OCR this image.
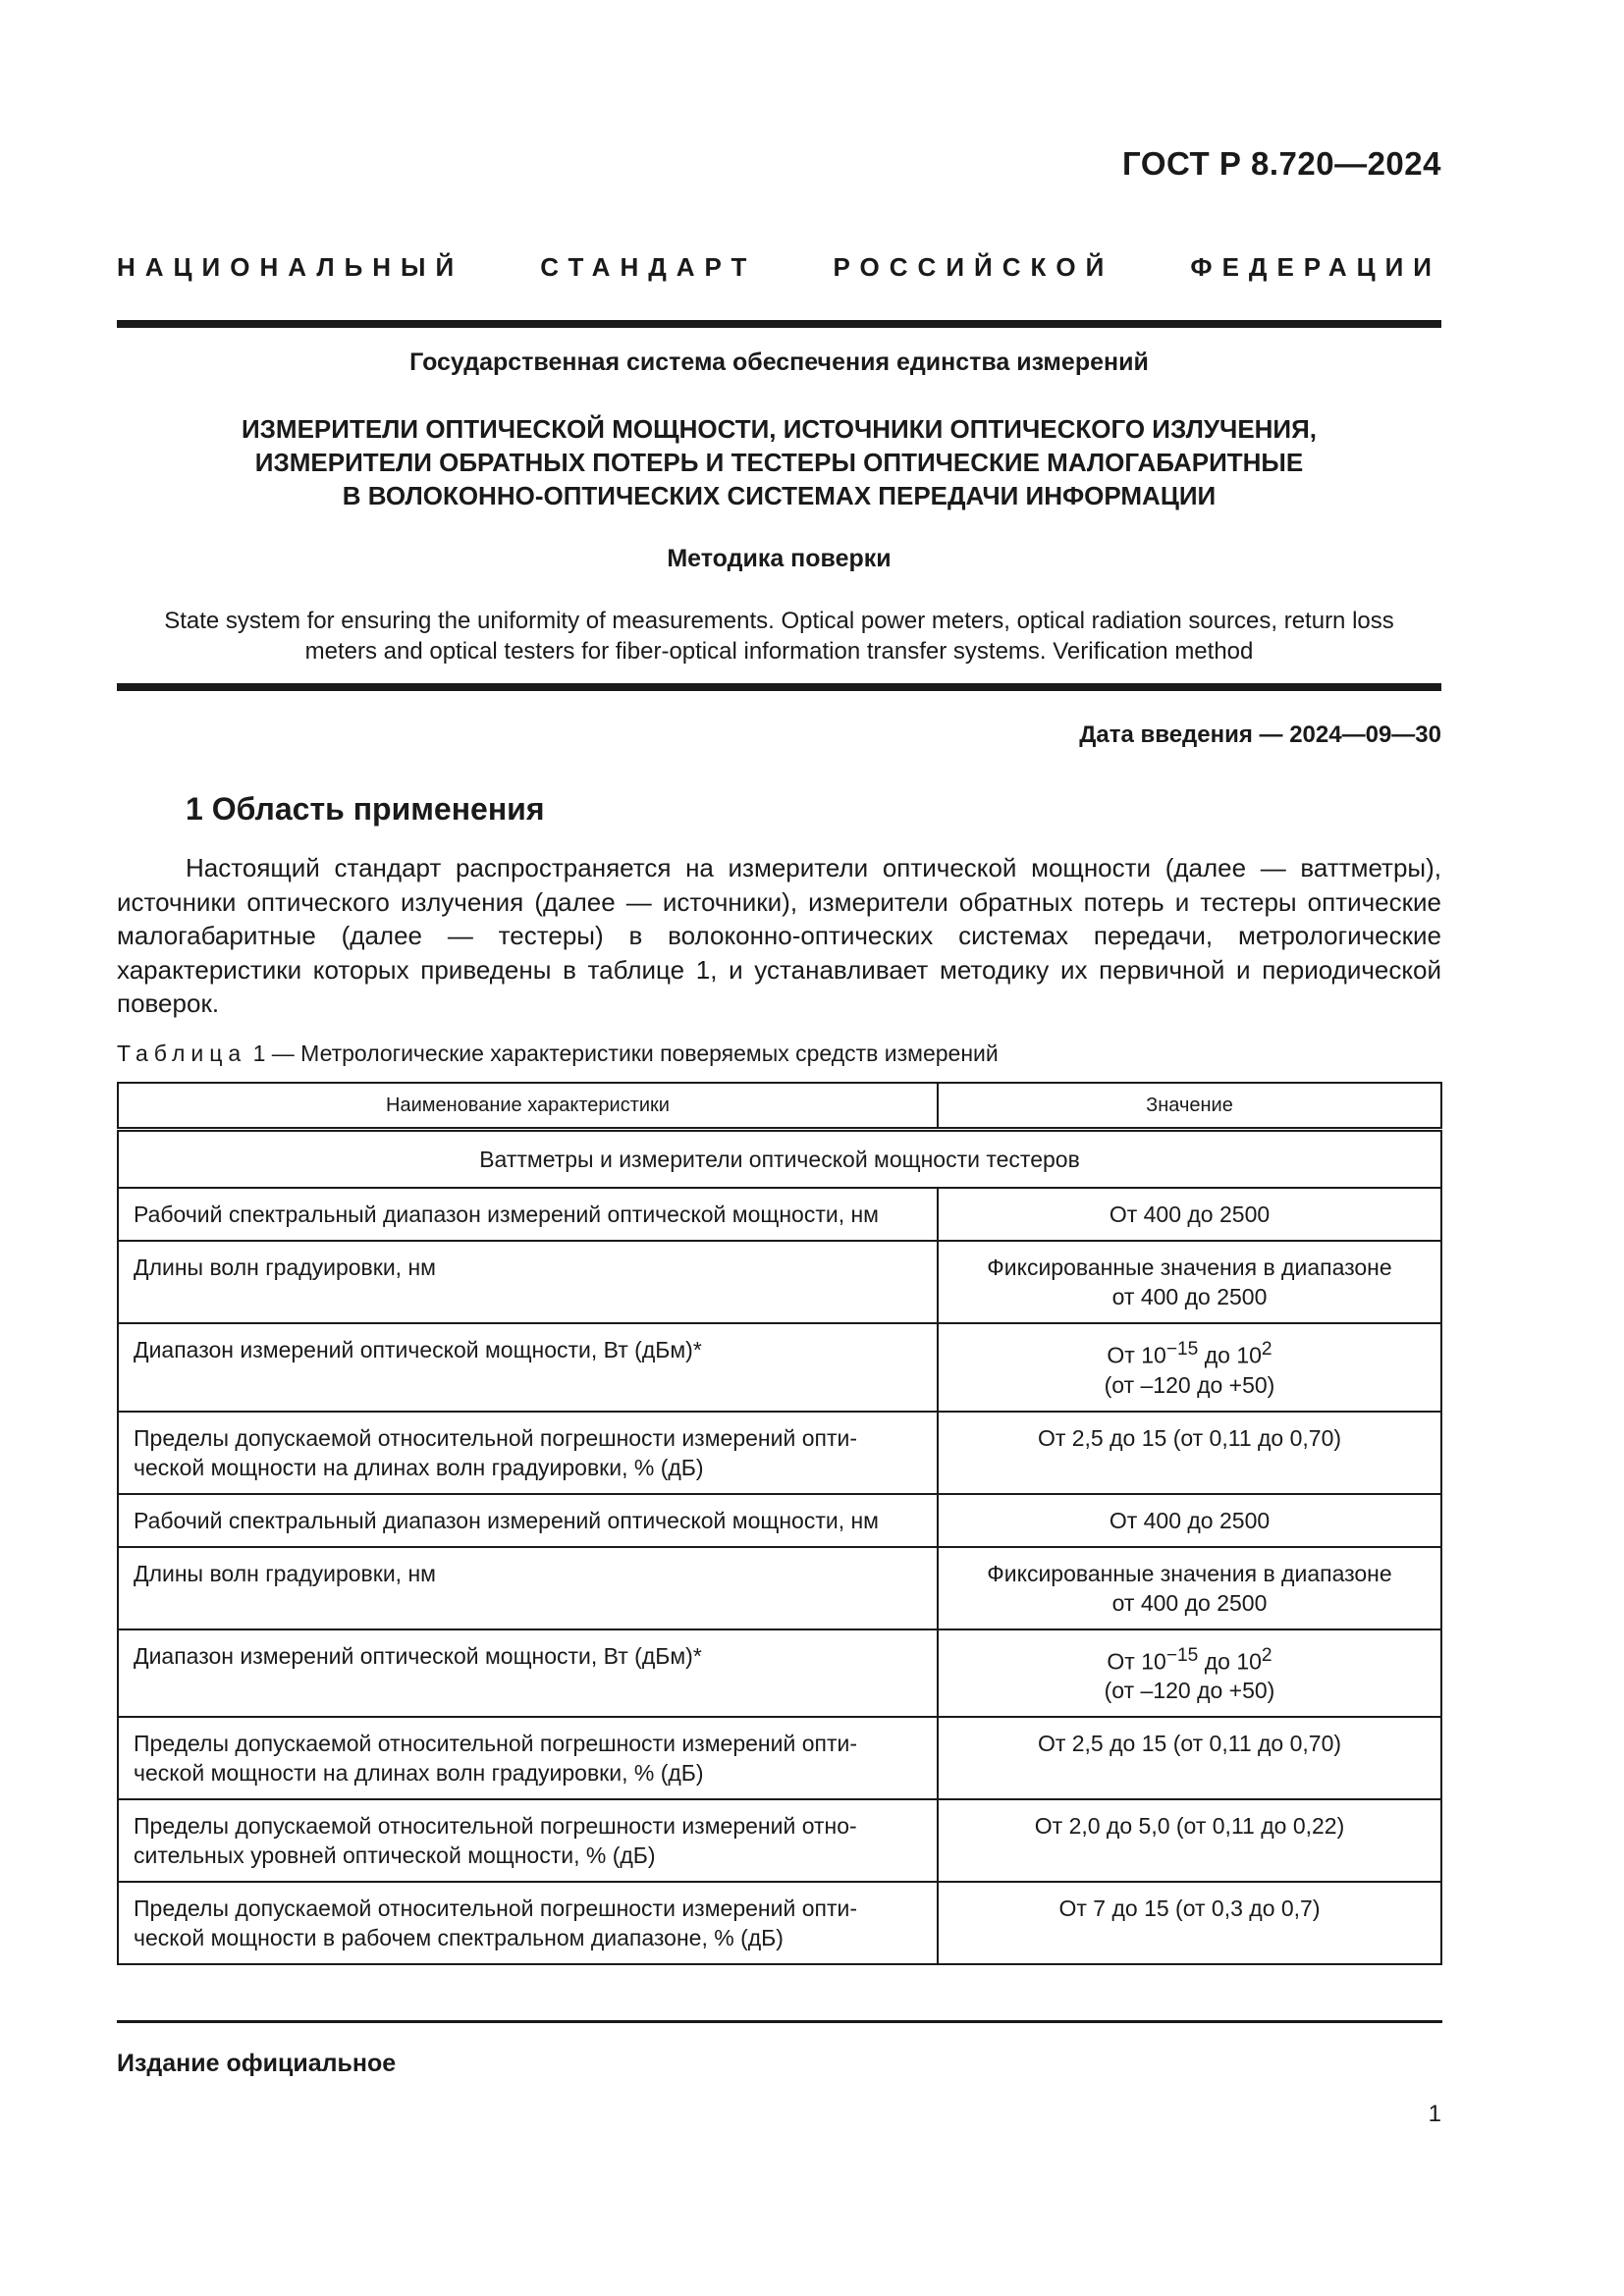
ГОСТ Р 8.720—2024
НАЦИОНАЛЬНЫЙ СТАНДАРТ РОССИЙСКОЙ ФЕДЕРАЦИИ
Государственная система обеспечения единства измерений
ИЗМЕРИТЕЛИ ОПТИЧЕСКОЙ МОЩНОСТИ, ИСТОЧНИКИ ОПТИЧЕСКОГО ИЗЛУЧЕНИЯ,
ИЗМЕРИТЕЛИ ОБРАТНЫХ ПОТЕРЬ И ТЕСТЕРЫ ОПТИЧЕСКИЕ МАЛОГАБАРИТНЫЕ
В ВОЛОКОННО-ОПТИЧЕСКИХ СИСТЕМАХ ПЕРЕДАЧИ ИНФОРМАЦИИ
Методика поверки
State system for ensuring the uniformity of measurements. Optical power meters, optical radiation sources, return loss
meters and optical testers for fiber-optical information transfer systems. Verification method
Дата введения — 2024—09—30
1 Область применения
Настоящий стандарт распространяется на измерители оптической мощности (далее — ваттметры), источники оптического излучения (далее — источники), измерители обратных потерь и тестеры оптические малогабаритные (далее — тестеры) в волоконно-оптических системах передачи, метрологические характеристики которых приведены в таблице 1, и устанавливает методику их первичной и периодической поверок.
Таблица 1 — Метрологические характеристики поверяемых средств измерений
Наименование характеристики	Значение
Ваттметры и измерители оптической мощности тестеров	
Рабочий спектральный диапазон измерений оптической мощности, нм	От 400 до 2500
Длины волн градуировки, нм	Фиксированные значения в диапазоне
от 400 до 2500

Диапазон измерений оптической мощности, Вт (дБм)*	От $10^{-15}$ до $10^2$
(от –120 до +50)

Пределы допускаемой относительной погрешности измерений опти-
ческой мощности на длинах волн градуировки, % (дБ)	От 2,5 до 15 (от 0,11 до 0,70)
Рабочий спектральный диапазон измерений оптической мощности, нм	От 400 до 2500
Длины волн градуировки, нм	Фиксированные значения в диапазоне
от 400 до 2500

Диапазон измерений оптической мощности, Вт (дБм)*	От $10^{-15}$ до $10^2$
(от –120 до +50)

Пределы допускаемой относительной погрешности измерений опти-
ческой мощности на длинах волн градуировки, % (дБ)	От 2,5 до 15 (от 0,11 до 0,70)

Пределы допускаемой относительной погрешности измерений отно-
сительных уровней оптической мощности, % (дБ)	От 2,0 до 5,0 (от 0,11 до 0,22)

Пределы допускаемой относительной погрешности измерений опти-
ческой мощности в рабочем спектральном диапазоне, % (дБ)	От 7 до 15 (от 0,3 до 0,7)
Издание официальное
1
